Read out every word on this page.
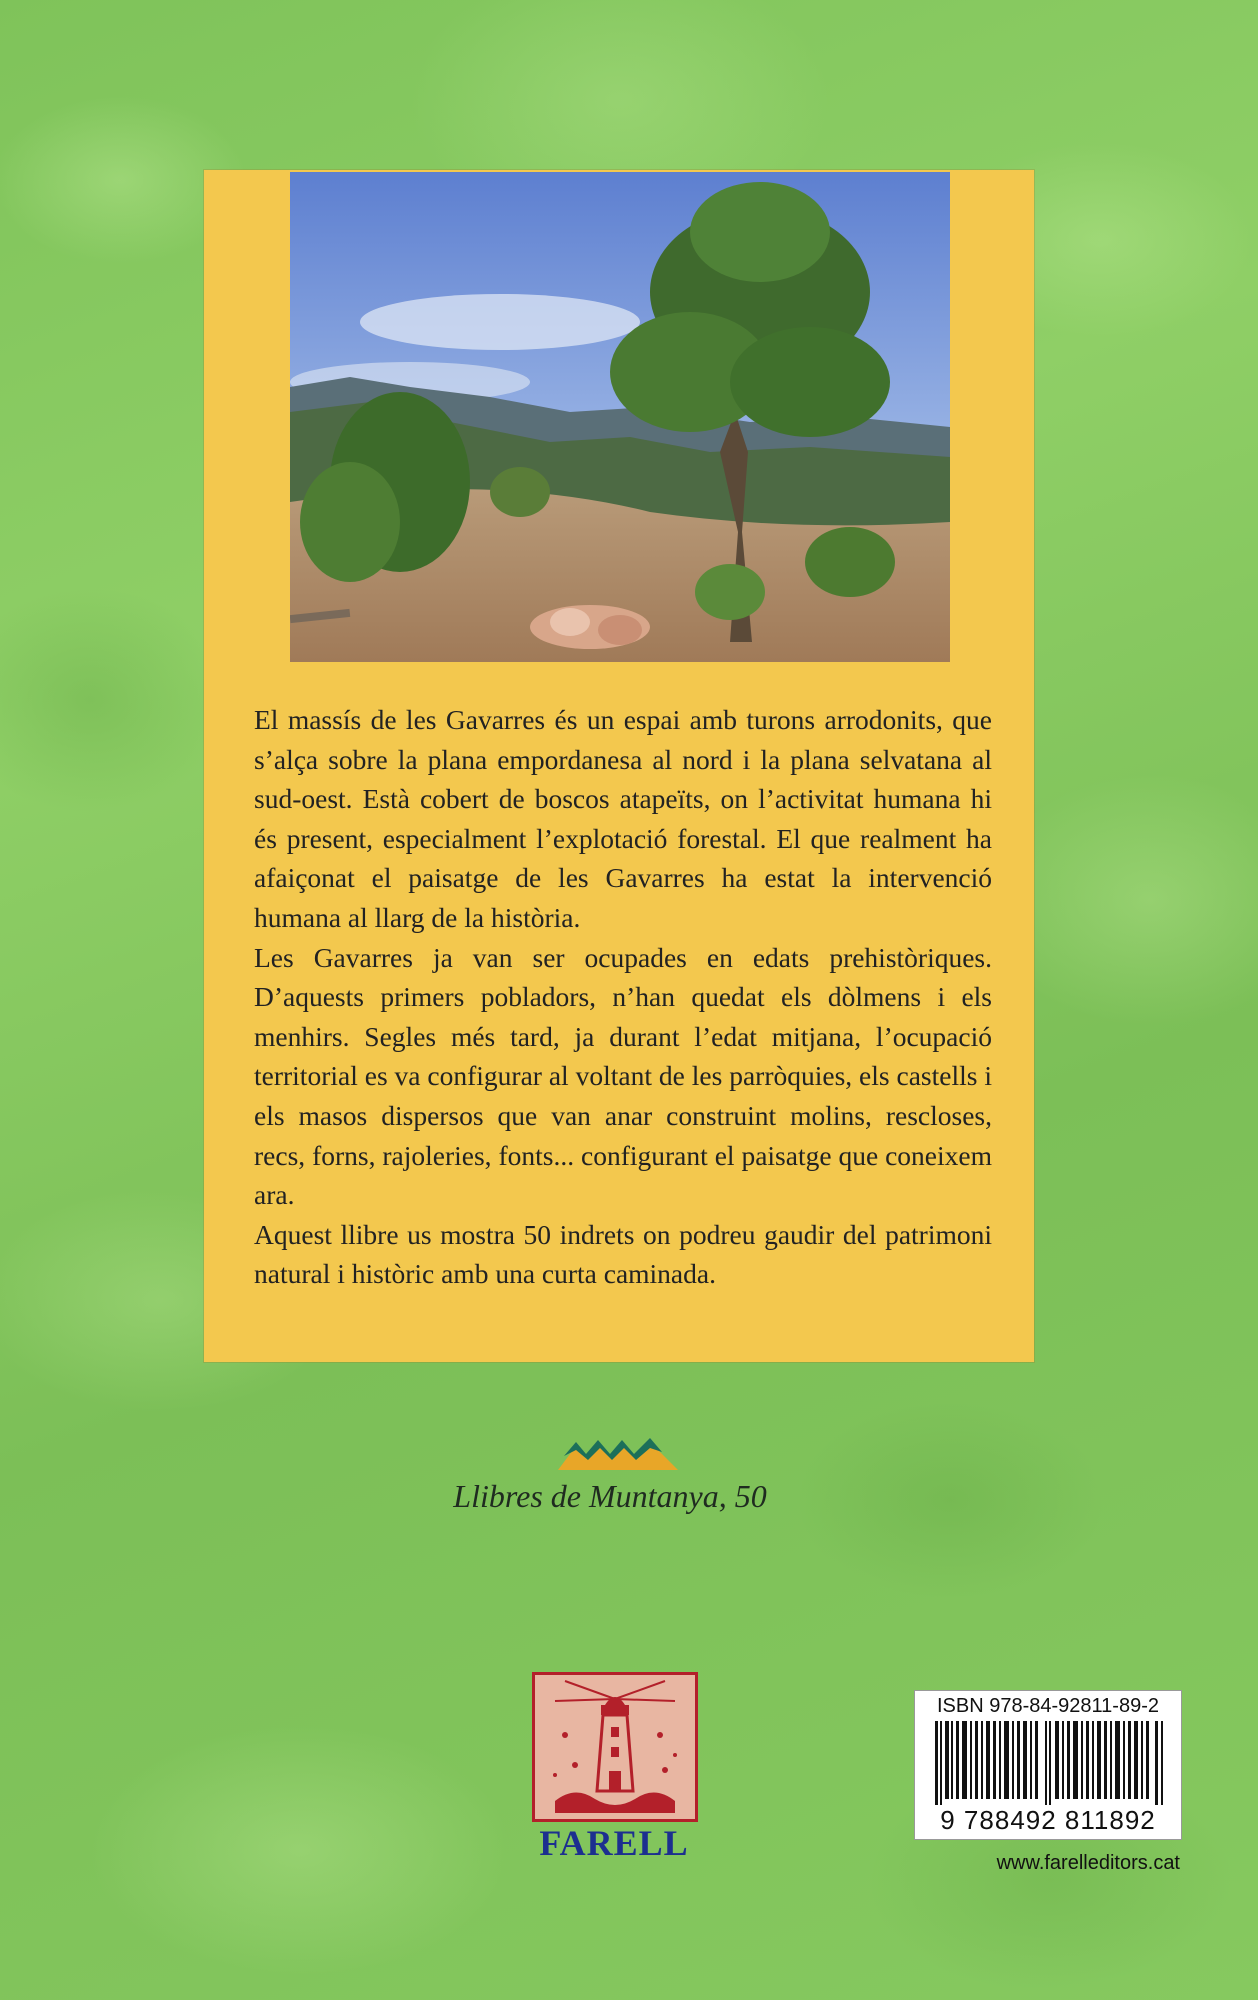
El massís de les Gavarres és un espai amb turons arrodonits, que s’alça sobre la plana empordanesa al nord i la plana selvatana al sud-oest. Està cobert de boscos atapeïts, on l’activitat humana hi és present, especialment l’explotació forestal. El que realment ha afaiçonat el paisatge de les Gavarres ha estat la intervenció humana al llarg de la història.

Les Gavarres ja van ser ocupades en edats prehistòriques. D’aquests primers pobladors, n’han quedat els dòlmens i els menhirs. Segles més tard, ja durant l’edat mitjana, l’ocupació territorial es va configurar al voltant de les parròquies, els castells i els masos dispersos que van anar construint molins, rescloses, recs, forns, rajoleries, fonts... configurant el paisatge que coneixem ara.

Aquest llibre us mostra 50 indrets on podreu gaudir del patrimoni natural i històric amb una curta caminada.

Llibres de Muntanya, 50
FARELL
ISBN 978-84-92811-89-2
9 788492 811892
www.farelleditors.cat
